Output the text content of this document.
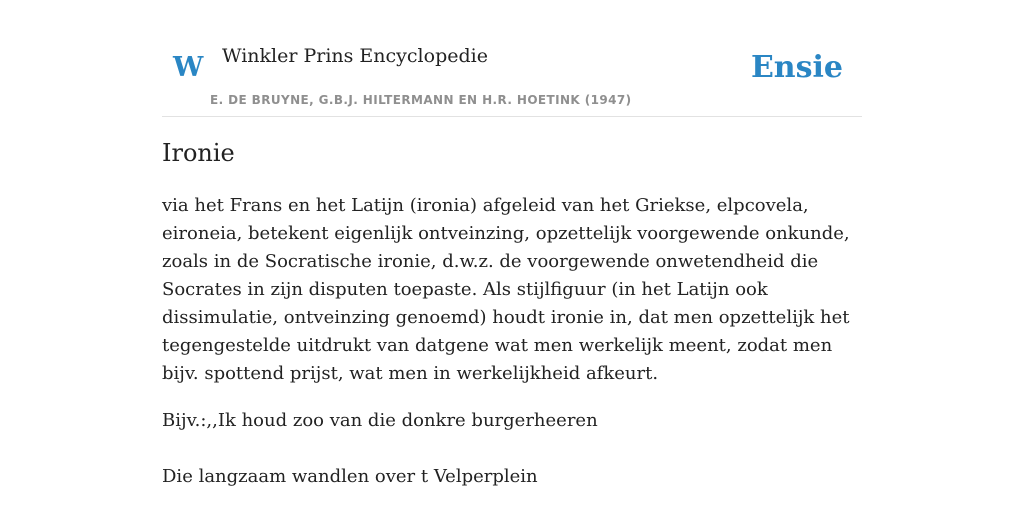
W Winkler Prins Encyclopedie
E. DE BRUYNE, G.B.J. HILTERMANN EN H.R. HOETINK (1947)
Ensie
Ironie

via het Frans en het Latijn (ironia) afgeleid van het Griekse, elpcovela, eironeia, betekent eigenlijk ontveinzing, opzettelijk voorgewende onkunde, zoals in de Socratische ironie, d.w.z. de voorgewende onwetendheid die Socrates in zijn disputen toepaste. Als stijlfiguur (in het Latijn ook dissimulatie, ontveinzing genoemd) houdt ironie in, dat men opzettelijk het tegengestelde uitdrukt van datgene wat men werkelijk meent, zodat men bijv. spottend prijst, wat men in werkelijkheid afkeurt.

Bijv.:,,Ik houd zoo van die donkre burgerheeren

Die langzaam wandlen over t Velperplein
